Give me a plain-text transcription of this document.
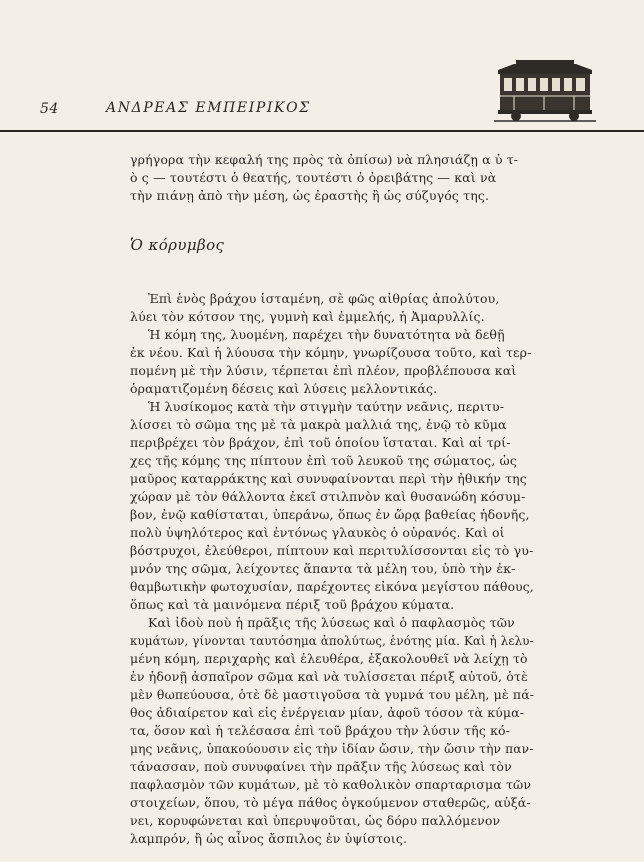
54	ΑΝΔΡΕΑΣ ΕΜΠΕΙΡΙΚΟΣ
γρήγορα τὴν κεφαλή της πρὸς τὰ ὀπίσω) νὰ πλησιάζῃ α ὐ τ-
ὸ ς — τουτέστι ὁ θεατής, τουτέστι ὁ ὀρειβάτης — καὶ νὰ
τὴν πιάνῃ ἀπὸ τὴν μέση, ὡς ἐραστὴς ἢ ὡς σύζυγός της.
Ὁ κόρυμβος
Ἐπὶ ἑνὸς βράχου ἱσταμένη, σὲ φῶς αἰθρίας ἀπολύτου,
λύει τὸν κότσον της, γυμνὴ καὶ ἐμμελής, ἡ Ἀμαρυλλίς.
Ἡ κόμη της, λυομένη, παρέχει τὴν δυνατότητα νὰ δεθῇ
ἐκ νέου. Καὶ ἡ λύουσα τὴν κόμην, γνωρίζουσα τοῦτο, καὶ τερ-
πομένη μὲ τὴν λύσιν, τέρπεται ἐπὶ πλέον, προβλέπουσα καὶ
ὁραματιζομένη δέσεις καὶ λύσεις μελλοντικάς.
Ἡ λυσίκομος κατὰ τὴν στιγμὴν ταύτην νεᾶνις, περιτυ-
λίσσει τὸ σῶμα της μὲ τὰ μακρὰ μαλλιά της, ἐνῷ τὸ κῦμα
περιβρέχει τὸν βράχον, ἐπὶ τοῦ ὁποίου ἵσταται. Καὶ αἱ τρί-
χες τῆς κόμης της πίπτουν ἐπὶ τοῦ λευκοῦ της σώματος, ὡς
μαῦρος καταρράκτης καὶ συνυφαίνονται περὶ τὴν ἠθικήν της
χώραν μὲ τὸν θάλλοντα ἐκεῖ στιλπνὸν καὶ θυσανώδη κόσυμ-
βον, ἐνῷ καθίσταται, ὑπεράνω, ὅπως ἐν ὥρᾳ βαθείας ἡδονῆς,
πολὺ ὑψηλότερος καὶ ἐντόνως γλαυκὸς ὁ οὐρανός. Καὶ οἱ
βόστρυχοι, ἐλεύθεροι, πίπτουν καὶ περιτυλίσσονται εἰς τὸ γυ-
μνόν της σῶμα, λείχοντες ἅπαντα τὰ μέλη του, ὑπὸ τὴν ἐκ-
θαμβωτικὴν φωτοχυσίαν, παρέχοντες εἰκόνα μεγίστου πάθους,
ὅπως καὶ τὰ μαινόμενα πέριξ τοῦ βράχου κύματα.
Καὶ ἰδοὺ ποὺ ἡ πρᾶξις τῆς λύσεως καὶ ὁ παφλασμὸς τῶν
κυμάτων, γίνονται ταυτόσημα ἀπολύτως, ἑνότης μία. Καὶ ἡ λελυ-
μένη κόμη, περιχαρὴς καὶ ἐλευθέρα, ἐξακολουθεῖ νὰ λείχῃ τὸ
ἐν ἡδονῇ ἀσπαῖρον σῶμα καὶ νὰ τυλίσσεται πέριξ αὐτοῦ, ὁτὲ
μὲν θωπεύουσα, ὁτὲ δὲ μαστιγοῦσα τὰ γυμνά του μέλη, μὲ πά-
θος ἀδιαίρετον καὶ εἰς ἐνέργειαν μίαν, ἀφοῦ τόσον τὰ κύμα-
τα, ὅσον καὶ ἡ τελέσασα ἐπὶ τοῦ βράχου τὴν λύσιν τῆς κό-
μης νεᾶνις, ὑπακούουσιν εἰς τὴν ἰδίαν ὤσιν, τὴν ὤσιν τὴν παν-
τάνασσαν, ποὺ συνυφαίνει τὴν πρᾶξιν τῆς λύσεως καὶ τὸν
παφλασμὸν τῶν κυμάτων, μὲ τὸ καθολικὸν σπαρταρισμα τῶν
στοιχείων, ὅπου, τὸ μέγα πάθος ὀγκούμενον σταθερῶς, αὐξά-
νει, κορυφώνεται καὶ ὑπερυψοῦται, ὡς δόρυ παλλόμενον
λαμπρόν, ἢ ὡς αἶνος ἄσπιλος ἐν ὑψίστοις.
